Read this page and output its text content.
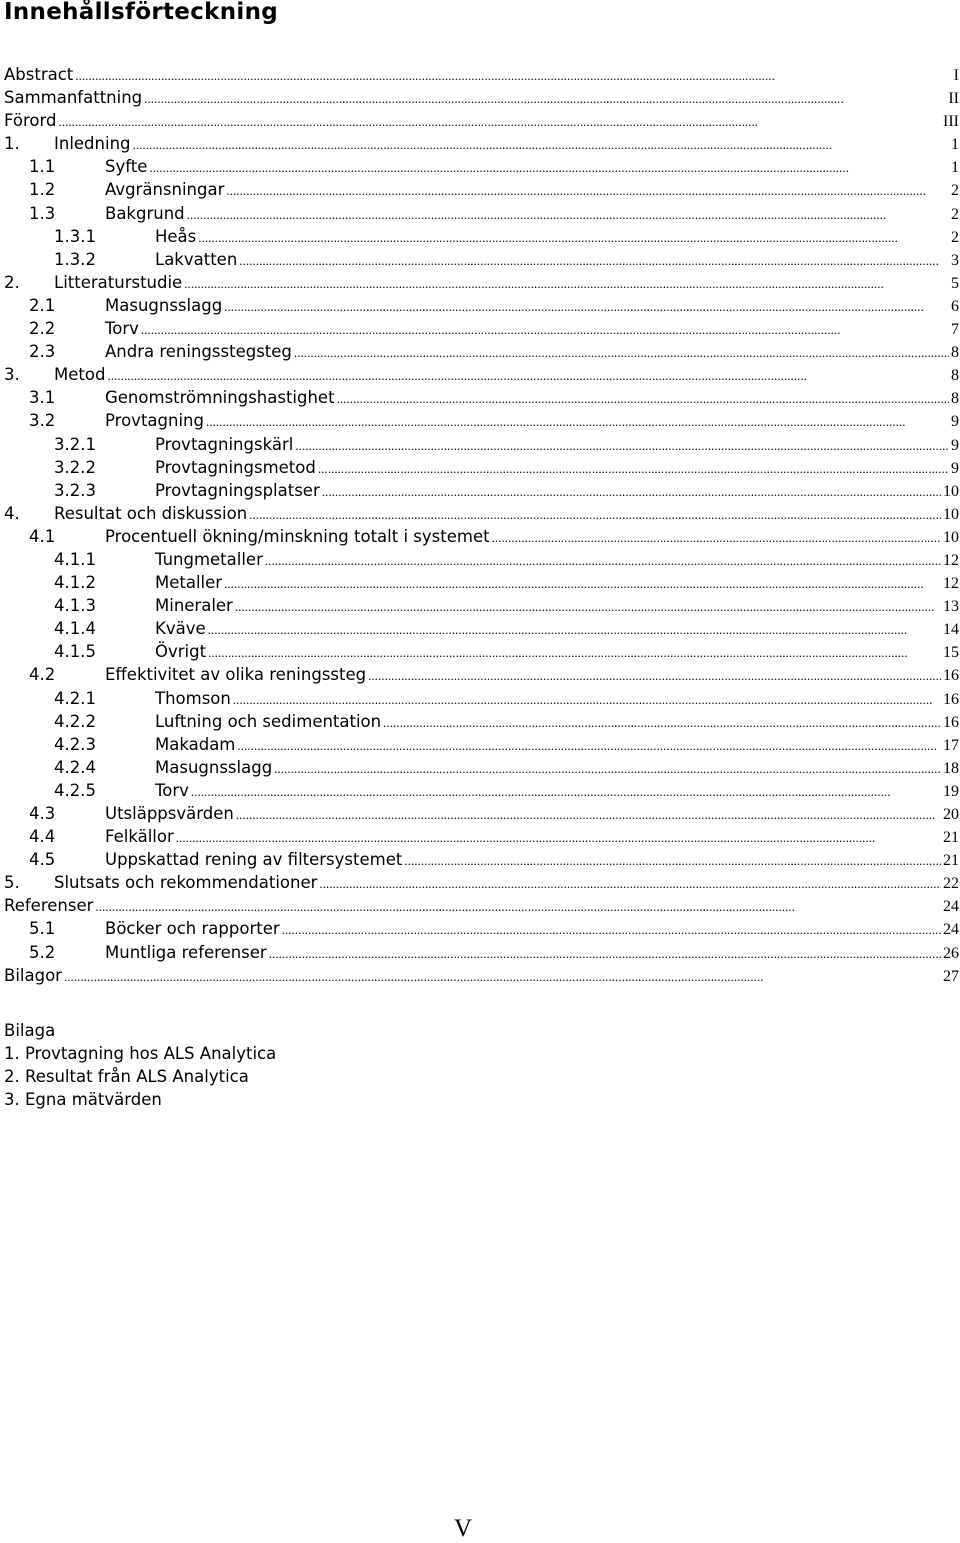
Innehållsförteckning
Abstract . . .	I
Sammanfattning . . .	II
Förord . . .	III
1.	Inledning . . .	1
1.1	Syfte . . .	1
1.2	Avgränsningar . . .	2
1.3	Bakgrund . . .	2
1.3.1	Heås . . .	2
1.3.2	Lakvatten . . .	3
2.	Litteraturstudie . . .	5
2.1	Masugnsslagg . . .	6
2.2	Torv . . .	7
2.3	Andra reningsstegsteg . . .	8
3.	Metod . . .	8
3.1	Genomströmningshastighet . . .	8
3.2	Provtagning . . .	9
3.2.1	Provtagningskärl . . .	9
3.2.2	Provtagningsmetod . . .	9
3.2.3	Provtagningsplatser . . .	10
4.	Resultat och diskussion . . .	10
4.1	Procentuell ökning/minskning totalt i systemet . . .	10
4.1.1	Tungmetaller . . .	12
4.1.2	Metaller . . .	12
4.1.3	Mineraler . . .	13
4.1.4	Kväve . . .	14
4.1.5	Övrigt . . .	15
4.2	Effektivitet av olika reningssteg . . .	16
4.2.1	Thomson . . .	16
4.2.2	Luftning och sedimentation . . .	16
4.2.3	Makadam . . .	17
4.2.4	Masugnsslagg . . .	18
4.2.5	Torv . . .	19
4.3	Utsläppsvärden . . .	20
4.4	Felkällor . . .	21
4.5	Uppskattad rening av filtersystemet . . .	21
5.	Slutsats och rekommendationer . . .	22
Referenser . . .	24
5.1	Böcker och rapporter . . .	24
5.2	Muntliga referenser . . .	26
Bilagor . . .	27
Bilaga
1. Provtagning hos ALS Analytica
2. Resultat från ALS Analytica
3. Egna mätvärden
V
